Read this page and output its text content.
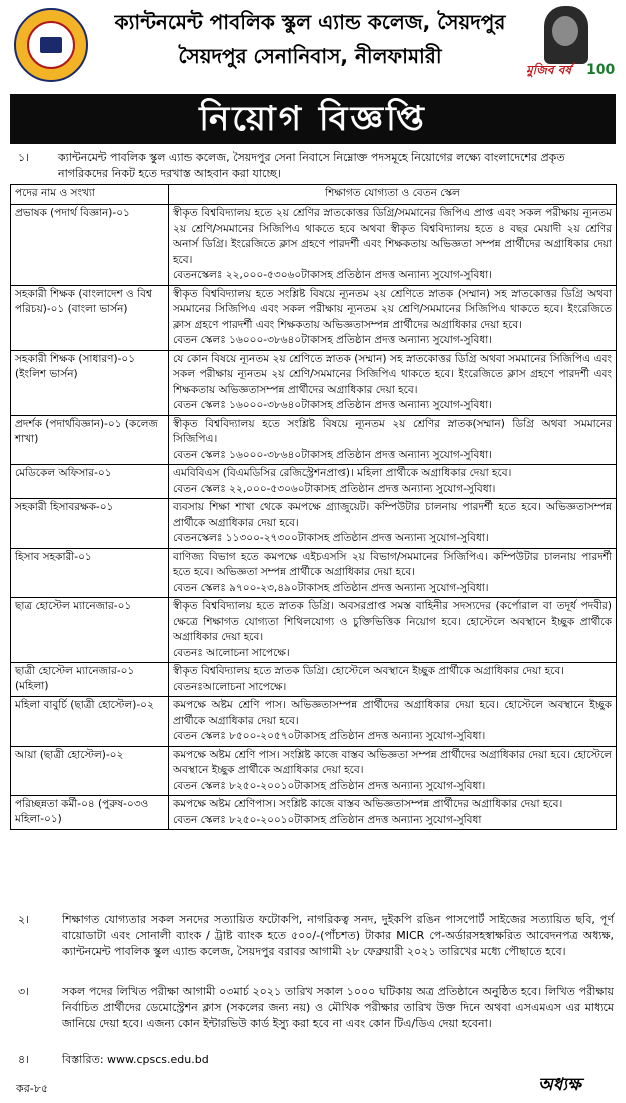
ক্যান্টনমেন্ট পাবলিক স্কুল এ্যান্ড কলেজ, সৈয়দপুর
সৈয়দপুর সেনানিবাস, নীলফামারী
মুজিব বর্ষ	100
নিয়োগ বিজ্ঞপ্তি
১।	ক্যান্টনমেন্ট পাবলিক স্কুল এ্যান্ড কলেজ, সৈয়দপুর সেনা নিবাসে নিম্নোক্ত পদসমূহে নিয়োগের লক্ষ্যে বাংলাদেশের প্রকৃত নাগরিকদের নিকট হতে দরখাস্ত আহবান করা যাচ্ছে।
পদের নাম ও সংখ্যা	শিক্ষাগত যোগ্যতা ও বেতন স্কেল
প্রভাষক (পদার্থ বিজ্ঞান)-০১	স্বীকৃত বিশ্ববিদ্যালয় হতে ২য় শ্রেণির স্নাতকোত্তর ডিগ্রি/সমমানের জিপিএ প্রাপ্ত এবং সকল পরীক্ষায় ন্যূনতম ২য় শ্রেণি/সমমানের সিজিপিএ থাকতে হবে অথবা স্বীকৃত বিশ্ববিদ্যালয় হতে ৪ বছর মেয়াদী ২য় শ্রেণির অনার্স ডিগ্রি। ইংরেজিতে ক্লাস গ্রহণে পারদর্শী এবং শিক্ষকতায় অভিজ্ঞতা সম্পন্ন প্রার্থীদের অগ্রাধিকার দেয়া হবে।
বেতনস্কেলঃ ২২,০০০-৫৩০৬০টাকাসহ প্রতিষ্ঠান প্রদত্ত অন্যান্য সুযোগ-সুবিধা।

সহকারী শিক্ষক (বাংলাদেশ ও বিশ্ব পরিচয়)-০১ (বাংলা ভার্সন)	স্বীকৃত বিশ্ববিদ্যালয় হতে সংশ্লিষ্ট বিষয়ে ন্যূনতম ২য় শ্রেণিতে স্নাতক (সম্মান) সহ স্নাতকোত্তর ডিগ্রি অথবা সমমানের সিজিপিএ এবং সকল পরীক্ষায় ন্যূনতম ২য় শ্রেণি/সমমানের সিজিপিএ থাকতে হবে। ইংরেজিতে ক্লাস গ্রহণে পারদর্শী এবং শিক্ষকতায় অভিজ্ঞতাসম্পন্ন প্রার্থীদের অগ্রাধিকার দেয়া হবে।
বেতন স্কেলঃ ১৬০০০-৩৮৬৪০টাকাসহ প্রতিষ্ঠান প্রদত্ত অন্যান্য সুযোগ-সুবিধা।

সহকারী শিক্ষক (সাধারণ)-০১ (ইংলিশ ভার্সন)	যে কোন বিষয়ে ন্যূনতম ২য় শ্রেণিতে স্নাতক (সম্মান) সহ স্নাতকোত্তর ডিগ্রি অথবা সমমানের সিজিপিএ এবং সকল পরীক্ষায় ন্যূনতম ২য় শ্রেণি/সমমানের সিজিপিএ থাকতে হবে। ইংরেজিতে ক্লাস গ্রহণে পারদর্শী এবং শিক্ষকতায় অভিজ্ঞতাসম্পন্ন প্রার্থীদের অগ্রাধিকার দেয়া হবে।
বেতন স্কেলঃ ১৬০০০-৩৮৬৪০টাকাসহ প্রতিষ্ঠান প্রদত্ত অন্যান্য সুযোগ-সুবিধা।

প্রদর্শক (পদার্থবিজ্ঞান)-০১ (কলেজ শাখা)	স্বীকৃত বিশ্ববিদ্যালয় হতে সংশ্লিষ্ট বিষয়ে ন্যূনতম ২য় শ্রেণির স্নাতক(সম্মান) ডিগ্রি অথবা সমমানের সিজিপিএ।
বেতন স্কেলঃ ১৬০০০-৩৮৬৪০টাকাসহ প্রতিষ্ঠান প্রদত্ত অন্যান্য সুযোগ-সুবিধা।

মেডিকেল অফিসার-০১	এমবিবিএস (বিএমডিসির রেজিস্ট্রেশনপ্রাপ্ত)। মহিলা প্রার্থীকে অগ্রাধিকার দেয়া হবে।
বেতন স্কেলঃ ২২,০০০-৫৩০৬০টাকাসহ প্রতিষ্ঠান প্রদত্ত অন্যান্য সুযোগ-সুবিধা।

সহকারী হিসাবরক্ষক-০১	ব্যবসায় শিক্ষা শাখা থেকে কমপক্ষে গ্র্যাজুয়েট। কম্পিউটার চালনায় পারদর্শী হতে হবে। অভিজ্ঞতাসম্পন্ন প্রার্থীকে অগ্রাধিকার দেয়া হবে।
বেতনস্কেলঃ ১১৩০০-২৭৩০০টাকাসহ প্রতিষ্ঠান প্রদত্ত অন্যান্য সুযোগ-সুবিধা।

হিসাব সহকারী-০১	বাণিজ্য বিভাগ হতে কমপক্ষে এইচএসসি ২য় বিভাগ/সমমানের সিজিপিএ। কম্পিউটার চালনায় পারদর্শী হতে হবে। অভিজ্ঞতা সম্পন্ন প্রার্থীকে অগ্রাধিকার দেয়া হবে।
বেতন স্কেলঃ ৯৭০০-২৩,৪৯০টাকাসহ প্রতিষ্ঠান প্রদত্ত অন্যান্য সুযোগ-সুবিধা।

ছাত্র হোস্টেল ম্যানেজার-০১	স্বীকৃত বিশ্ববিদ্যালয় হতে স্নাতক ডিগ্রি। অবসরপ্রাপ্ত সমস্ত বাহিনীর সদস্যদের (কর্পোরাল বা তদূর্ধ পদবীর) ক্ষেত্রে শিক্ষাগত যোগ্যতা শিথিলযোগ্য ও চুক্তিভিত্তিক নিয়োগ হবে। হোস্টেলে অবস্থানে ইচ্ছুক প্রার্থীকে অগ্রাধিকার দেয়া হবে।
বেতনঃ আলোচনা সাপেক্ষে।

ছাত্রী হোস্টেল ম্যানেজার-০১ (মহিলা)	স্বীকৃত বিশ্ববিদ্যালয় হতে স্নাতক ডিগ্রি। হোস্টেলে অবস্থানে ইচ্ছুক প্রার্থীকে অগ্রাধিকার দেয়া হবে।
বেতনঃআলোচনা সাপেক্ষে।

মহিলা বাবুর্চি (ছাত্রী হোস্টেল)-০২	কমপক্ষে অষ্টম শ্রেণি পাস। অভিজ্ঞতাসম্পন্ন প্রার্থীদের অগ্রাধিকার দেয়া হবে। হোস্টেলে অবস্থানে ইচ্ছুক প্রার্থীকে অগ্রাধিকার দেয়া হবে।
বেতন স্কেলঃ ৮৫০০-২০৫৭০টাকাসহ প্রতিষ্ঠান প্রদত্ত অন্যান্য সুযোগ-সুবিধা।

আয়া (ছাত্রী হোস্টেল)-০২	কমপক্ষে অষ্টম শ্রেণি পাস। সংশ্লিষ্ট কাজে বাস্তব অভিজ্ঞতা সম্পন্ন প্রার্থীদের অগ্রাধিকার দেয়া হবে। হোস্টেলে অবস্থানে ইচ্ছুক প্রার্থীকে অগ্রাধিকার দেয়া হবে।
বেতন স্কেলঃ ৮২৫০-২০০১০টাকাসহ প্রতিষ্ঠান প্রদত্ত অন্যান্য সুযোগ-সুবিধা।

পরিচ্ছন্নতা কর্মী-০৪ (পুরুষ-০৩ও মহিলা-০১)	কমপক্ষে অষ্টম শ্রেণিপাস। সংশ্লিষ্ট কাজে বাস্তব অভিজ্ঞতাসম্পন্ন প্রার্থীদের অগ্রাধিকার দেয়া হবে।
বেতন স্কেলঃ ৮২৫০-২০০১০টাকাসহ প্রতিষ্ঠান প্রদত্ত অন্যান্য সুযোগ-সুবিধা
২।	শিক্ষাগত যোগ্যতার সকল সনদের সত্যায়িত ফটোকপি, নাগরিকত্ব সনদ, দুইকপি রঙিন পাসপোর্ট সাইজের সত্যায়িত ছবি, পূর্ণ বায়োডাটা এবং সোনালী ব্যাংক / ট্রাষ্ট ব্যাংক হতে ৫০০/-(পাঁচশত) টাকার MICR পে-অর্ডারসহস্বাক্ষরিত আবেদনপত্র অধ্যক্ষ, ক্যান্টনমেন্ট পাবলিক স্কুল এ্যান্ড কলেজ, সৈয়দপুর বরাবর আগামী ২৮ ফেব্রুয়ারী ২০২১ তারিখের মধ্যে পৌছাতে হবে।
৩।	সকল পদের লিখিত পরীক্ষা আগামী ০৩মার্চ ২০২১ তারিখ সকাল ১০০০ ঘটিকায় অত্র প্রতিষ্ঠানে অনুষ্ঠিত হবে। লিখিত পরীক্ষায় নির্বাচিত প্রার্থীদের ডেমোস্ট্রেশন ক্লাস (সকলের জন্য নয়) ও মৌখিক পরীক্ষার তারিখ উক্ত দিনে অথবা এসএমএস এর মাধ্যমে জানিয়ে দেয়া হবে। এজন্য কোন ইন্টারভিউ কার্ড ইস্যু করা হবে না এবং কোন টিএ/ডিএ দেয়া হবেনা।
৪।	বিস্তারিত: www.cpscs.edu.bd
কর-৮৫	অধ্যক্ষ
